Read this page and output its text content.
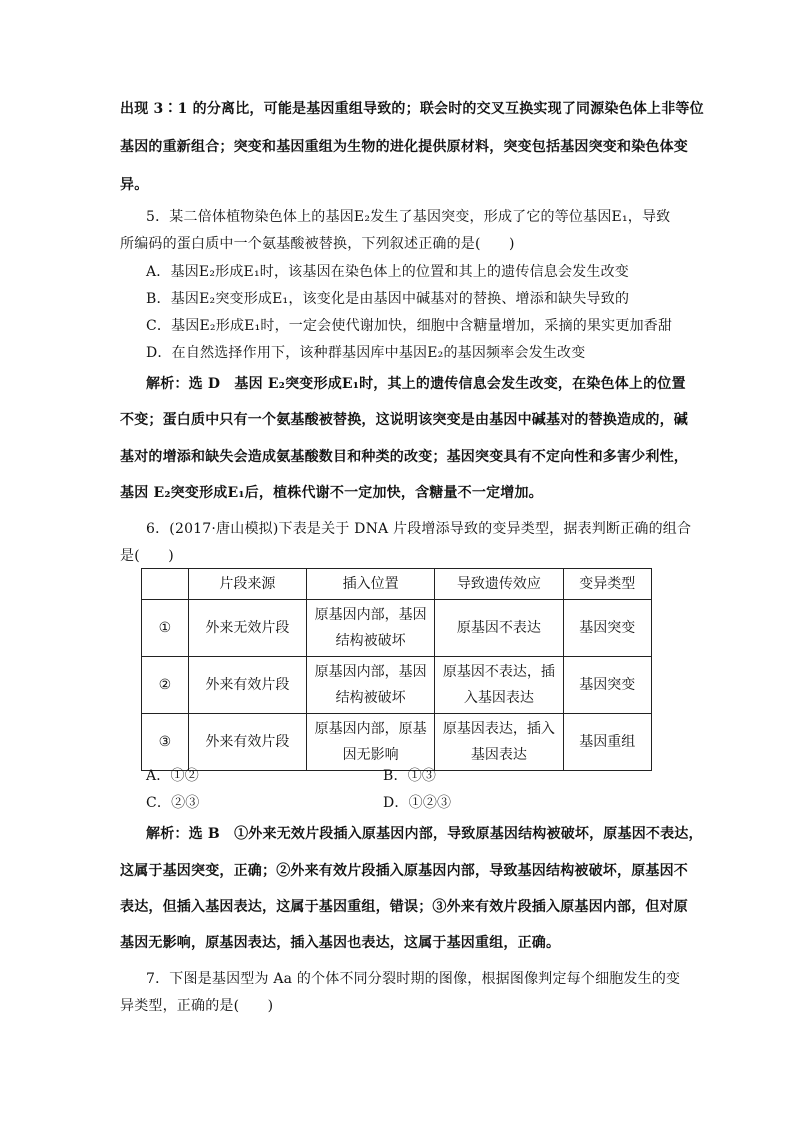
出现 3∶1 的分离比，可能是基因重组导致的；联会时的交叉互换实现了同源染色体上非等位
基因的重新组合；突变和基因重组为生物的进化提供原材料，突变包括基因突变和染色体变
异。
5．某二倍体植物染色体上的基因E₂发生了基因突变，形成了它的等位基因E₁，导致
所编码的蛋白质中一个氨基酸被替换，下列叙述正确的是(　　)
A．基因E₂形成E₁时，该基因在染色体上的位置和其上的遗传信息会发生改变
B．基因E₂突变形成E₁，该变化是由基因中碱基对的替换、增添和缺失导致的
C．基因E₂形成E₁时，一定会使代谢加快，细胞中含糖量增加，采摘的果实更加香甜
D．在自然选择作用下，该种群基因库中基因E₂的基因频率会发生改变
解析：选 D　基因 E₂突变形成E₁时，其上的遗传信息会发生改变，在染色体上的位置
不变；蛋白质中只有一个氨基酸被替换，这说明该突变是由基因中碱基对的替换造成的，碱
基对的增添和缺失会造成氨基酸数目和种类的改变；基因突变具有不定向性和多害少利性，
基因 E₂突变形成E₁后，植株代谢不一定加快，含糖量不一定增加。
6．(2017·唐山模拟)下表是关于 DNA 片段增添导致的变异类型，据表判断正确的组合
是(　　)
	片段来源	插入位置	导致遗传效应	变异类型
①	外来无效片段	原基因内部，基因结构被破坏	原基因不表达	基因突变
②	外来有效片段	原基因内部，基因结构被破坏	原基因不表达，插入基因表达	基因突变
③	外来有效片段	原基因内部，原基因无影响	原基因表达，插入基因表达	基因重组
A．①②	B．①③
C．②③	D．①②③
解析：选 B　①外来无效片段插入原基因内部，导致原基因结构被破坏，原基因不表达，
这属于基因突变，正确；②外来有效片段插入原基因内部，导致基因结构被破坏，原基因不
表达，但插入基因表达，这属于基因重组，错误；③外来有效片段插入原基因内部，但对原
基因无影响，原基因表达，插入基因也表达，这属于基因重组，正确。
7．下图是基因型为 Aa 的个体不同分裂时期的图像，根据图像判定每个细胞发生的变
异类型，正确的是(　　)
